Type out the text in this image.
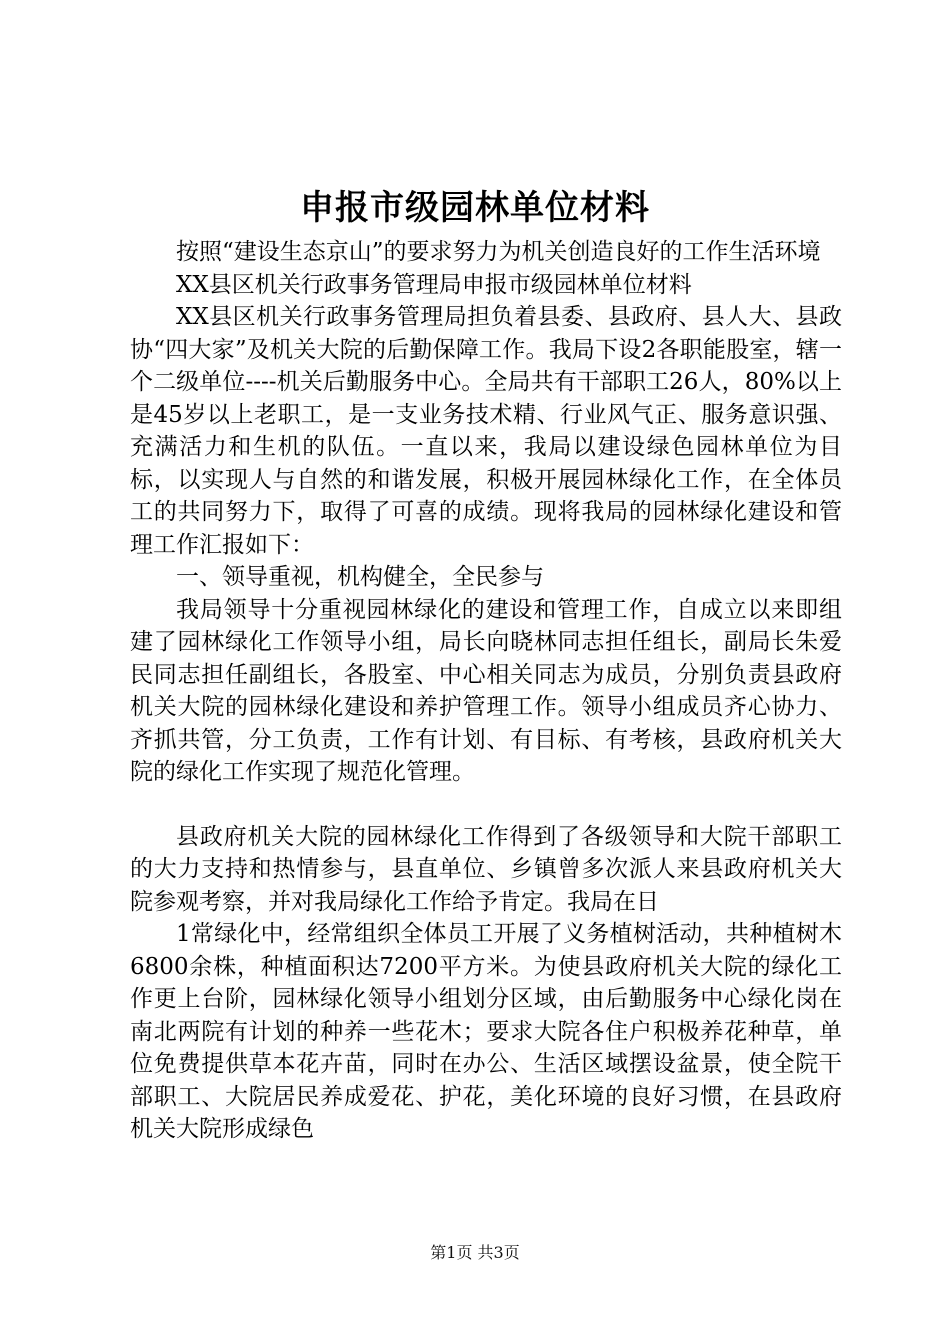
申报市级园林单位材料

按照“建设生态京山”的要求努力为机关创造良好的工作生活环境

XX县区机关行政事务管理局申报市级园林单位材料

XX县区机关行政事务管理局担负着县委、县政府、县人大、县政协“四大家”及机关大院的后勤保障工作。我局下设2各职能股室，辖一个二级单位----机关后勤服务中心。全局共有干部职工26人，80%以上是45岁以上老职工，是一支业务技术精、行业风气正、服务意识强、充满活力和生机的队伍。一直以来，我局以建设绿色园林单位为目标，以实现人与自然的和谐发展，积极开展园林绿化工作，在全体员工的共同努力下，取得了可喜的成绩。现将我局的园林绿化建设和管理工作汇报如下：

一、领导重视，机构健全，全民参与

我局领导十分重视园林绿化的建设和管理工作，自成立以来即组建了园林绿化工作领导小组，局长向晓林同志担任组长，副局长朱爱民同志担任副组长，各股室、中心相关同志为成员，分别负责县政府机关大院的园林绿化建设和养护管理工作。领导小组成员齐心协力、齐抓共管，分工负责，工作有计划、有目标、有考核，县政府机关大院的绿化工作实现了规范化管理。

县政府机关大院的园林绿化工作得到了各级领导和大院干部职工的大力支持和热情参与，县直单位、乡镇曾多次派人来县政府机关大院参观考察，并对我局绿化工作给予肯定。我局在日

1常绿化中，经常组织全体员工开展了义务植树活动，共种植树木6800余株，种植面积达7200平方米。为使县政府机关大院的绿化工作更上台阶，园林绿化领导小组划分区域，由后勤服务中心绿化岗在南北两院有计划的种养一些花木；要求大院各住户积极养花种草，单位免费提供草本花卉苗，同时在办公、生活区域摆设盆景，使全院干部职工、大院居民养成爱花、护花，美化环境的良好习惯，在县政府机关大院形成绿色

第1页 共3页
